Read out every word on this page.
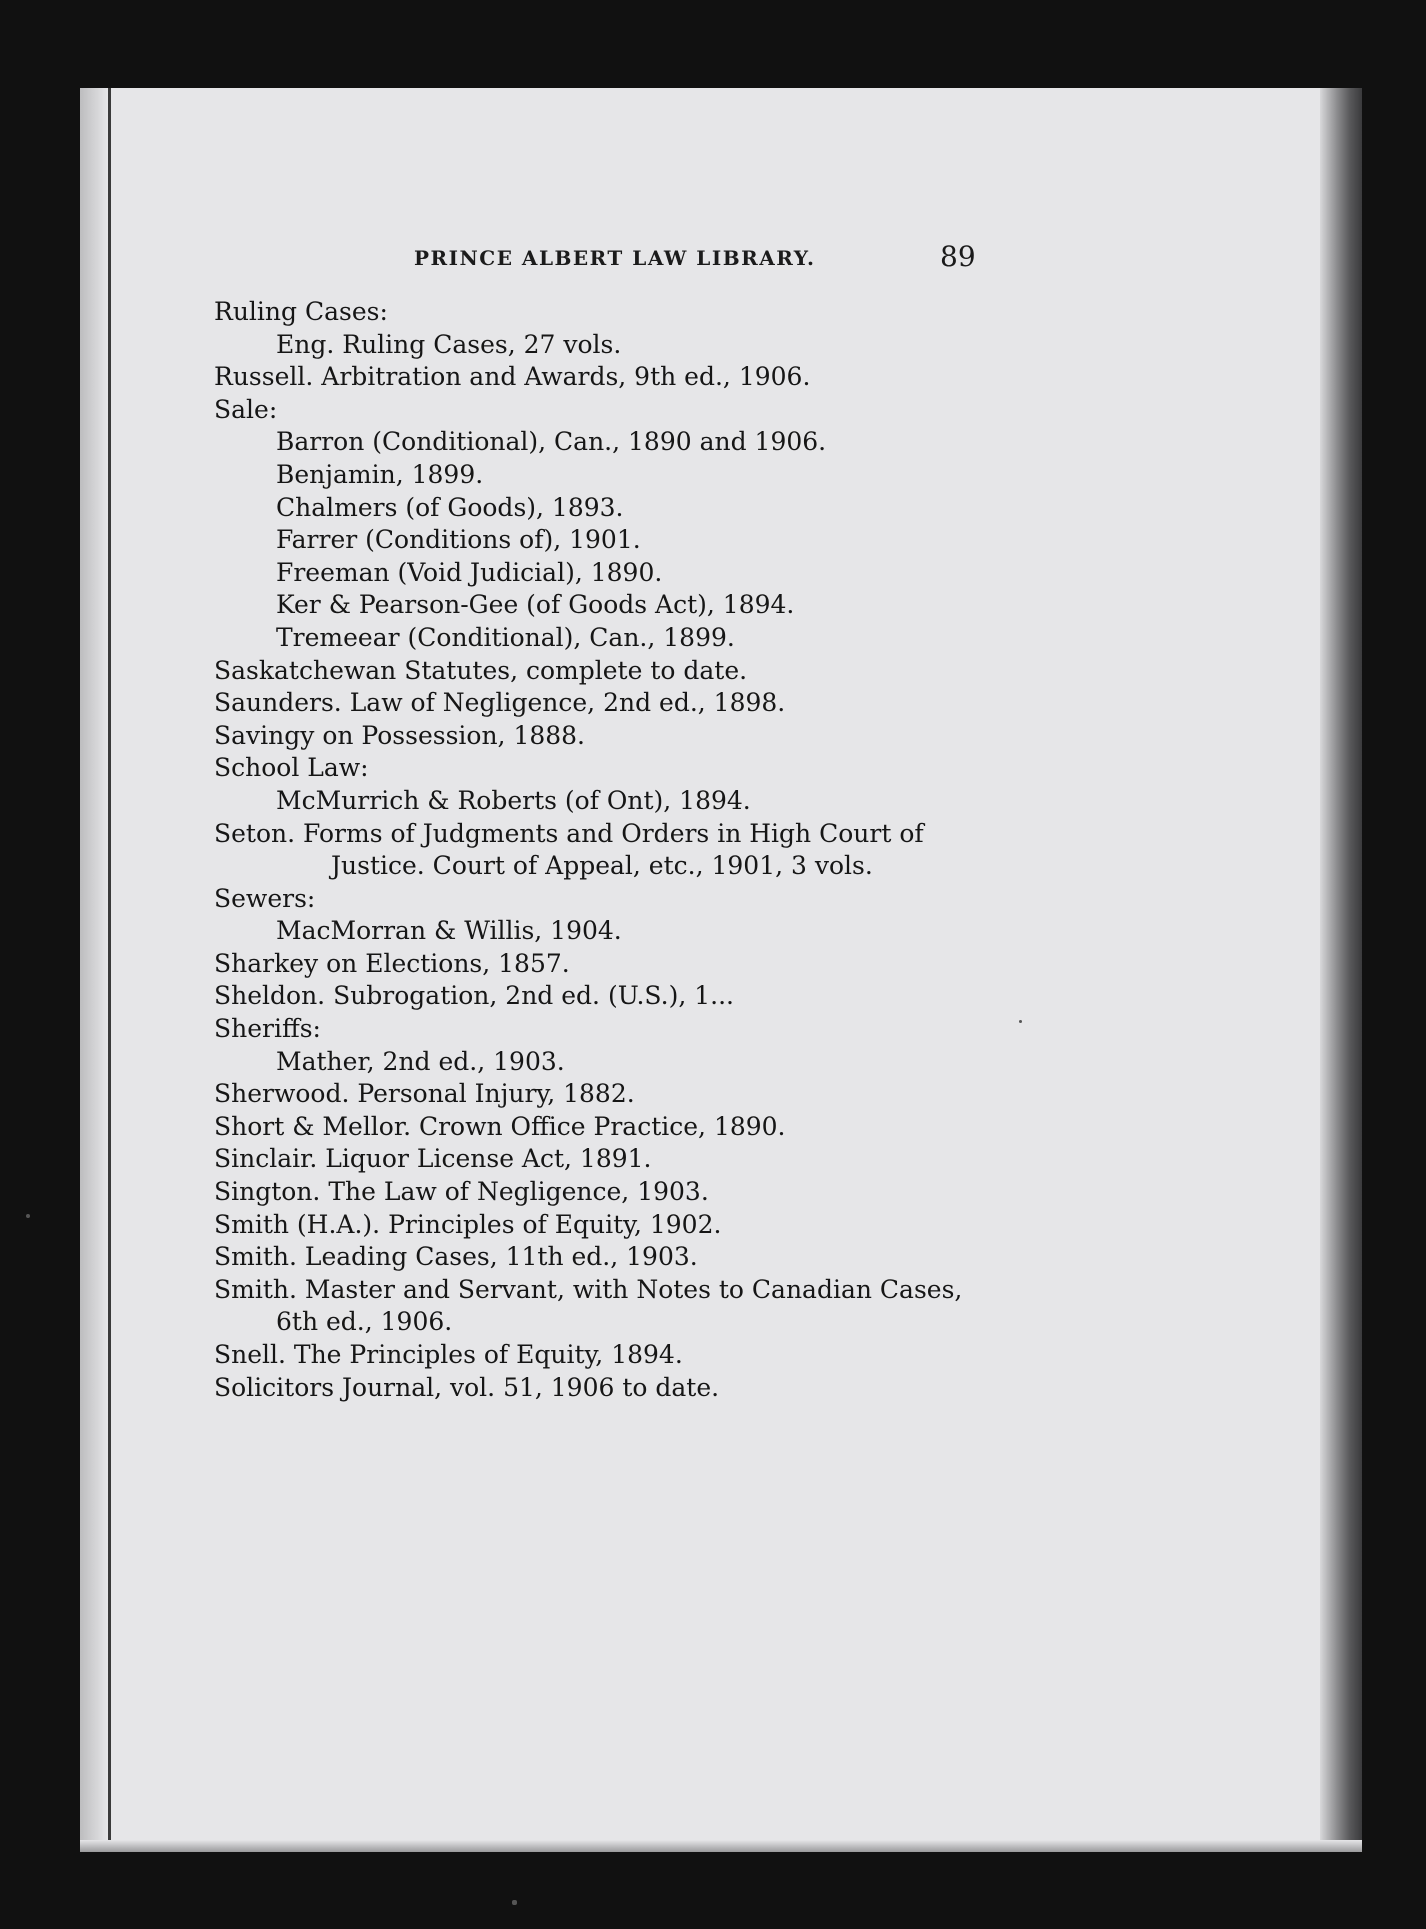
PRINCE ALBERT LAW LIBRARY.	89
Ruling Cases:
Eng. Ruling Cases, 27 vols.
Russell. Arbitration and Awards, 9th ed., 1906.
Sale:
Barron (Conditional), Can., 1890 and 1906.
Benjamin, 1899.
Chalmers (of Goods), 1893.
Farrer (Conditions of), 1901.
Freeman (Void Judicial), 1890.
Ker & Pearson-Gee (of Goods Act), 1894.
Tremeear (Conditional), Can., 1899.
Saskatchewan Statutes, complete to date.
Saunders. Law of Negligence, 2nd ed., 1898.
Savingy on Possession, 1888.
School Law:
McMurrich & Roberts (of Ont), 1894.
Seton. Forms of Judgments and Orders in High Court of
Justice. Court of Appeal, etc., 1901, 3 vols.
Sewers:
MacMorran & Willis, 1904.
Sharkey on Elections, 1857.
Sheldon. Subrogation, 2nd ed. (U.S.), 1...
Sheriffs:
Mather, 2nd ed., 1903.
Sherwood. Personal Injury, 1882.
Short & Mellor. Crown Office Practice, 1890.
Sinclair. Liquor License Act, 1891.
Sington. The Law of Negligence, 1903.
Smith (H.A.). Principles of Equity, 1902.
Smith. Leading Cases, 11th ed., 1903.
Smith. Master and Servant, with Notes to Canadian Cases,
6th ed., 1906.
Snell. The Principles of Equity, 1894.
Solicitors Journal, vol. 51, 1906 to date.
